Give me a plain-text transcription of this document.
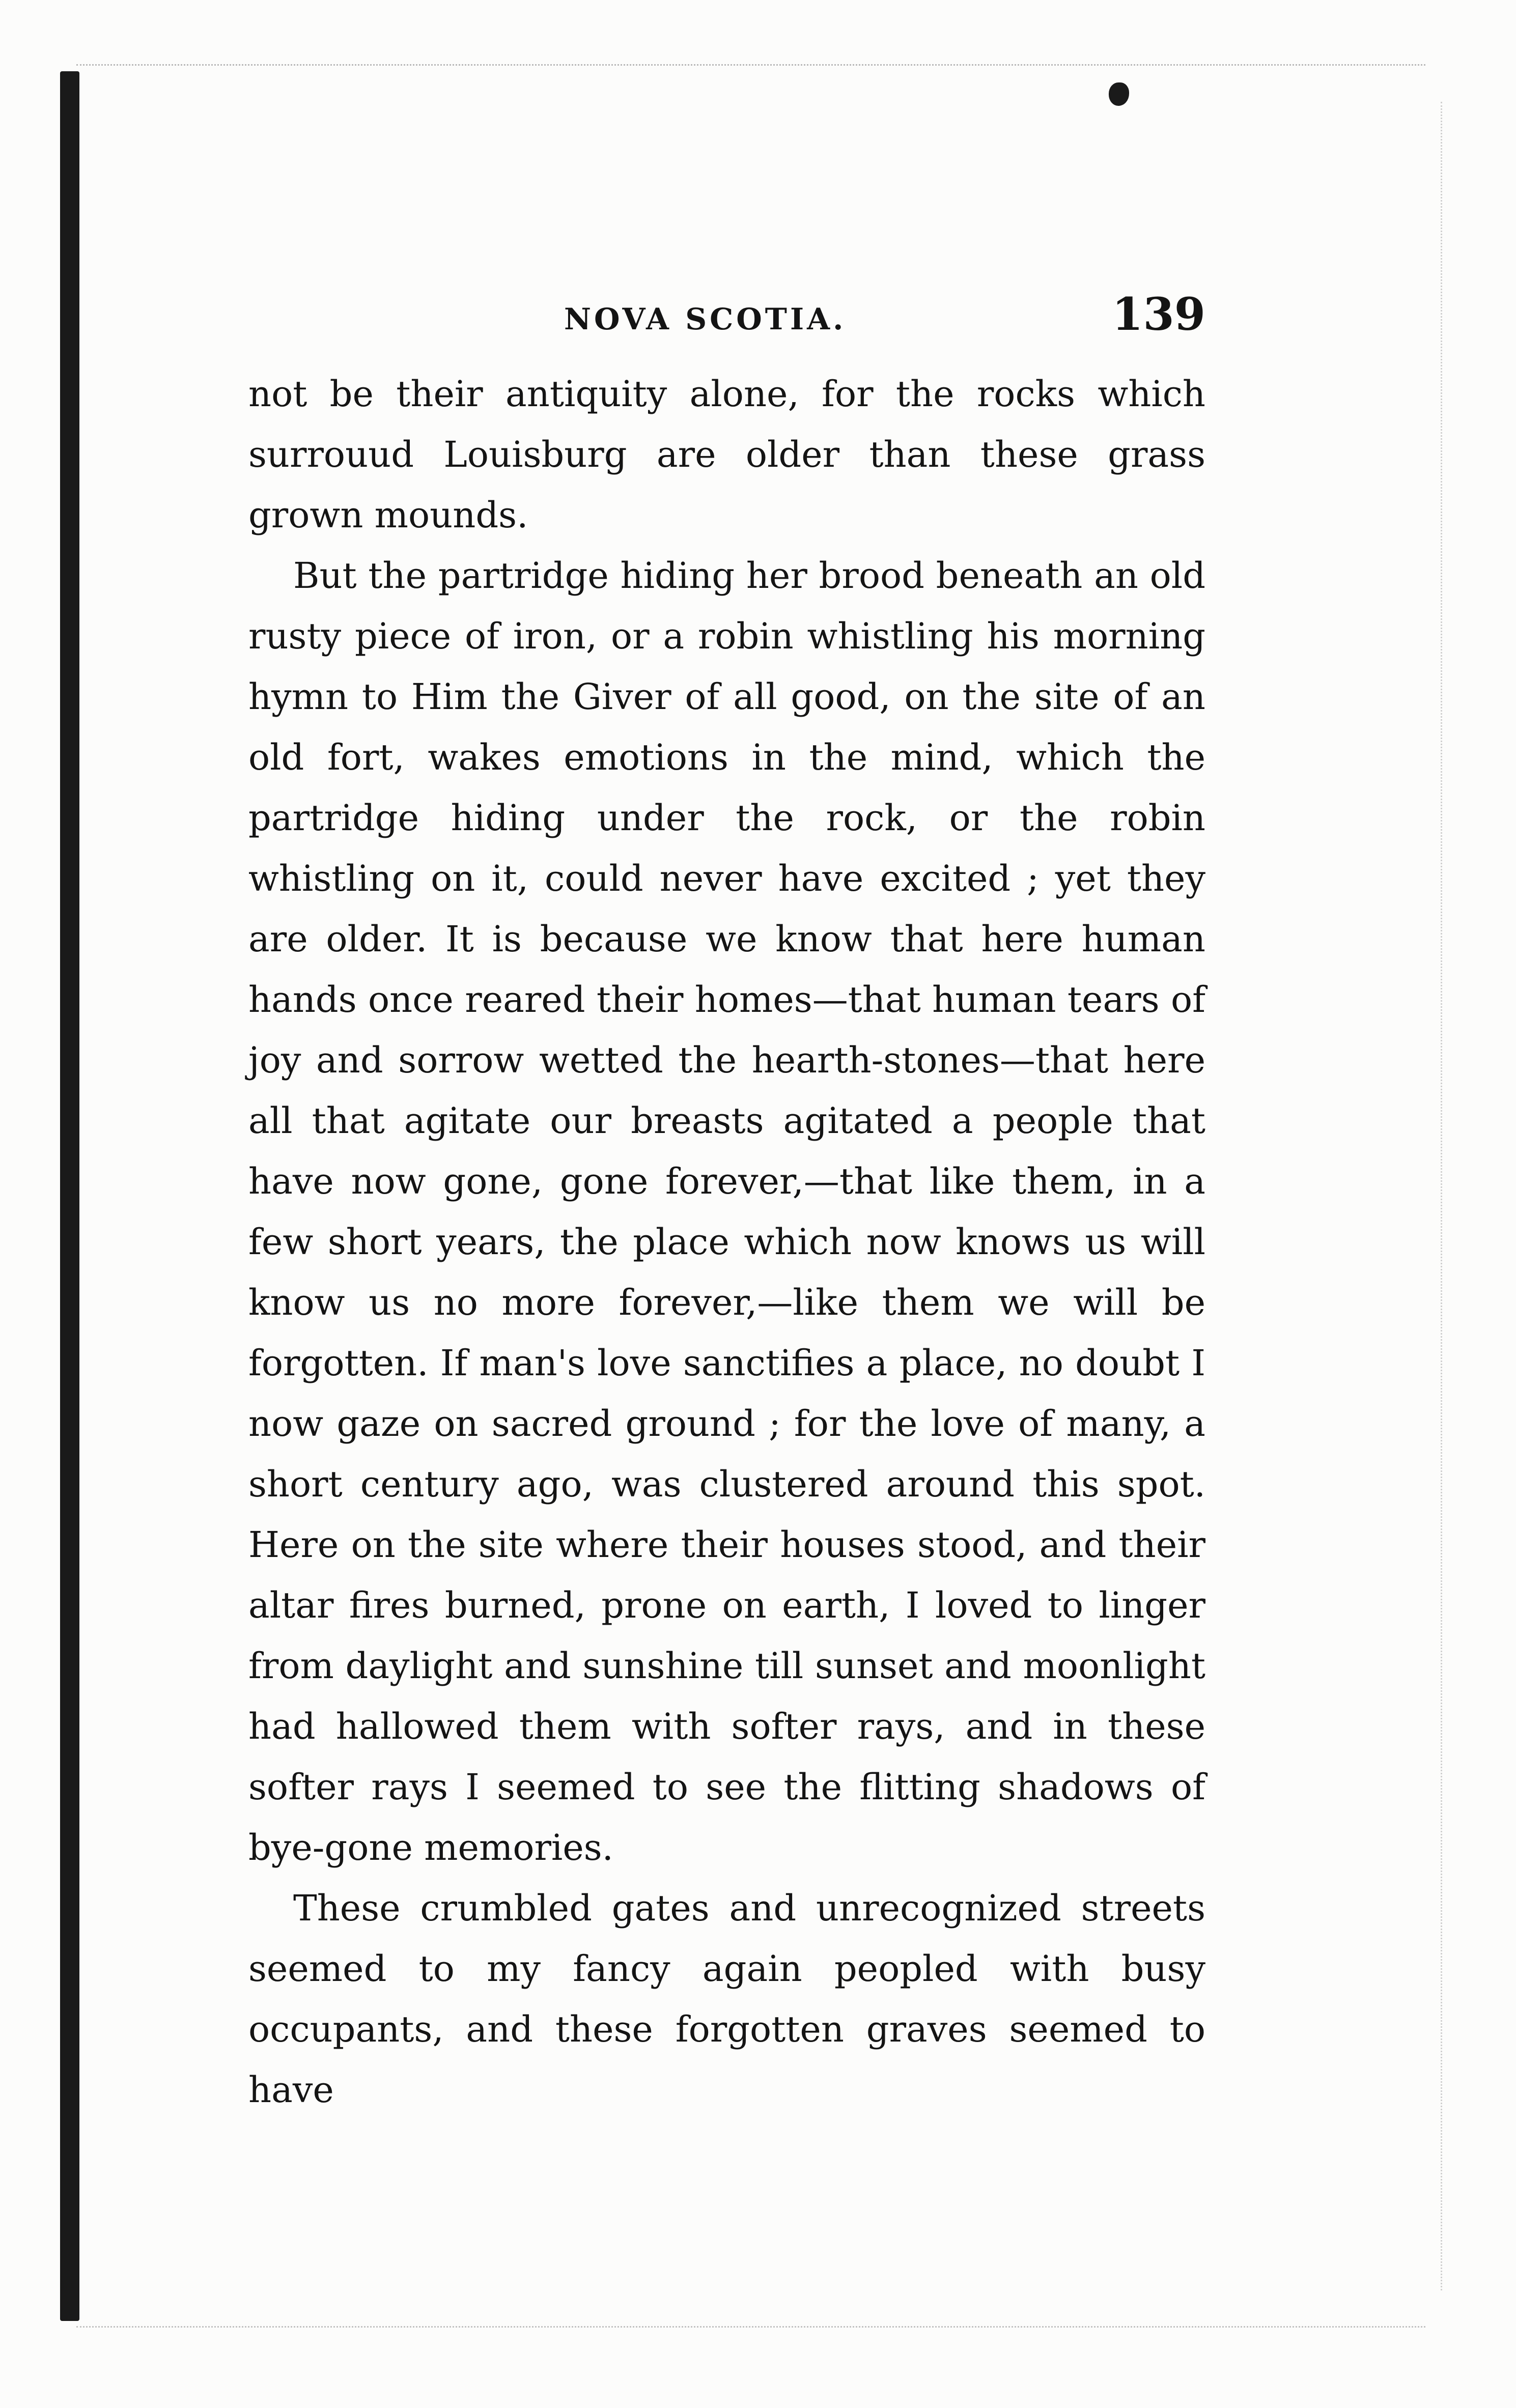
NOVA SCOTIA.	139

not be their antiquity alone, for the rocks which surrouud Louisburg are older than these grass grown mounds.

But the partridge hiding her brood beneath an old rusty piece of iron, or a robin whistling his morning hymn to Him the Giver of all good, on the site of an old fort, wakes emotions in the mind, which the partridge hiding under the rock, or the robin whistling on it, could never have excited ; yet they are older. It is because we know that here human hands once reared their homes—that human tears of joy and sorrow wetted the hearth-stones—that here all that agitate our breasts agitated a people that have now gone, gone forever,—that like them, in a few short years, the place which now knows us will know us no more forever,—like them we will be forgotten. If man's love sanctifies a place, no doubt I now gaze on sacred ground ; for the love of many, a short century ago, was clustered around this spot. Here on the site where their houses stood, and their altar fires burned, prone on earth, I loved to linger from daylight and sunshine till sunset and moonlight had hallowed them with softer rays, and in these softer rays I seemed to see the flitting shadows of bye-gone memories.

These crumbled gates and unrecognized streets seemed to my fancy again peopled with busy occupants, and these forgotten graves seemed to have
